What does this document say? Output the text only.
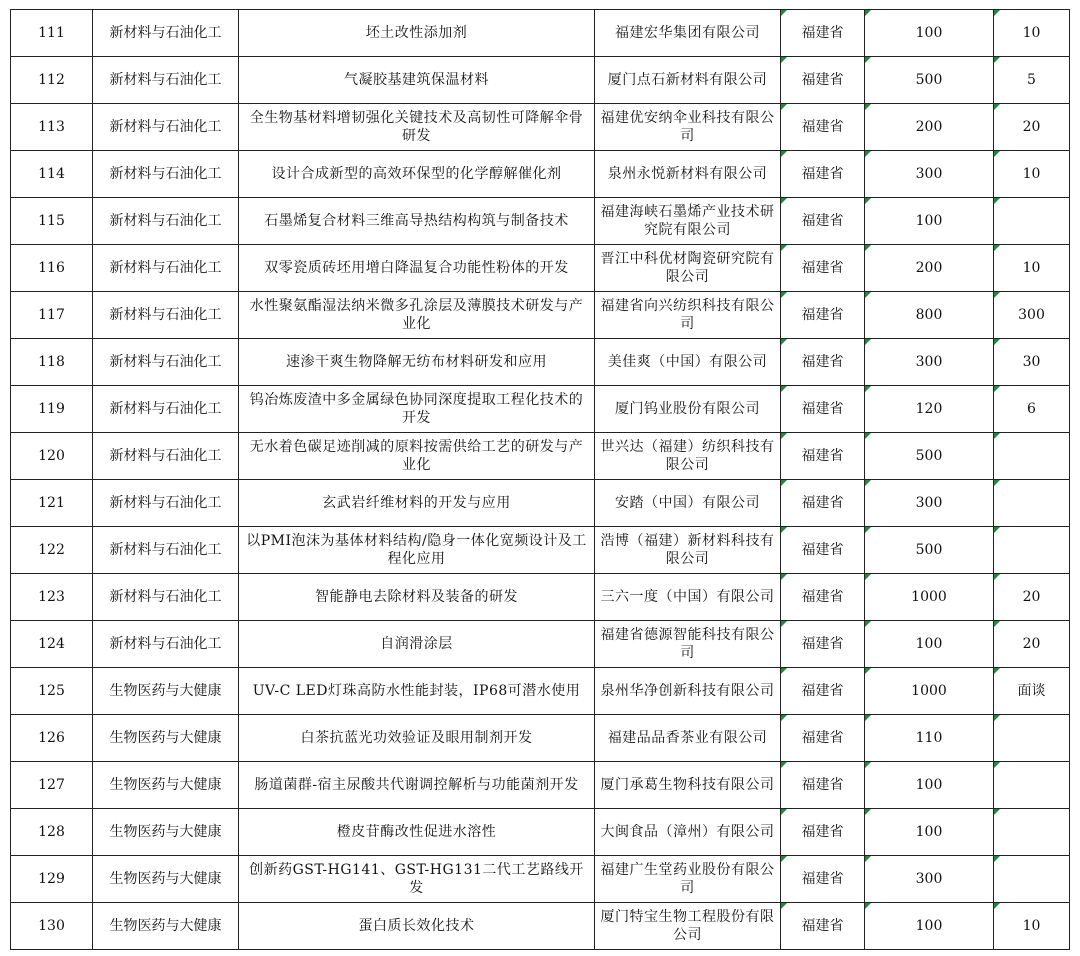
111	新材料与石油化工	坯土改性添加剂	福建宏华集团有限公司	福建省	100	10
112	新材料与石油化工	气凝胶基建筑保温材料	厦门点石新材料有限公司	福建省	500	5
113	新材料与石油化工	全生物基材料增韧强化关键技术及高韧性可降解伞骨研发	福建优安纳伞业科技有限公司	福建省	200	20
114	新材料与石油化工	设计合成新型的高效环保型的化学醇解催化剂	泉州永悦新材料有限公司	福建省	300	10
115	新材料与石油化工	石墨烯复合材料三维高导热结构构筑与制备技术	福建海峡石墨烯产业技术研究院有限公司	福建省	100	
116	新材料与石油化工	双零瓷质砖坯用增白降温复合功能性粉体的开发	晋江中科优材陶瓷研究院有限公司	福建省	200	10
117	新材料与石油化工	水性聚氨酯湿法纳米微多孔涂层及薄膜技术研发与产业化	福建省向兴纺织科技有限公司	福建省	800	300
118	新材料与石油化工	速渗干爽生物降解无纺布材料研发和应用	美佳爽（中国）有限公司	福建省	300	30
119	新材料与石油化工	钨冶炼废渣中多金属绿色协同深度提取工程化技术的开发	厦门钨业股份有限公司	福建省	120	6
120	新材料与石油化工	无水着色碳足迹削减的原料按需供给工艺的研发与产业化	世兴达（福建）纺织科技有限公司	福建省	500	
121	新材料与石油化工	玄武岩纤维材料的开发与应用	安踏（中国）有限公司	福建省	300	
122	新材料与石油化工	以PMI泡沫为基体材料结构/隐身一体化宽频设计及工程化应用	浩博（福建）新材料科技有限公司	福建省	500	
123	新材料与石油化工	智能静电去除材料及装备的研发	三六一度（中国）有限公司	福建省	1000	20
124	新材料与石油化工	自润滑涂层	福建省德源智能科技有限公司	福建省	100	20
125	生物医药与大健康	UV-C LED灯珠高防水性能封装，IP68可潜水使用	泉州华净创新科技有限公司	福建省	1000	面谈
126	生物医药与大健康	白茶抗蓝光功效验证及眼用制剂开发	福建品品香茶业有限公司	福建省	110	
127	生物医药与大健康	肠道菌群-宿主尿酸共代谢调控解析与功能菌剂开发	厦门承葛生物科技有限公司	福建省	100	
128	生物医药与大健康	橙皮苷酶改性促进水溶性	大闽食品（漳州）有限公司	福建省	100	
129	生物医药与大健康	创新药GST-HG141、GST-HG131二代工艺路线开发	福建广生堂药业股份有限公司	福建省	300	
130	生物医药与大健康	蛋白质长效化技术	厦门特宝生物工程股份有限公司	福建省	100	10
